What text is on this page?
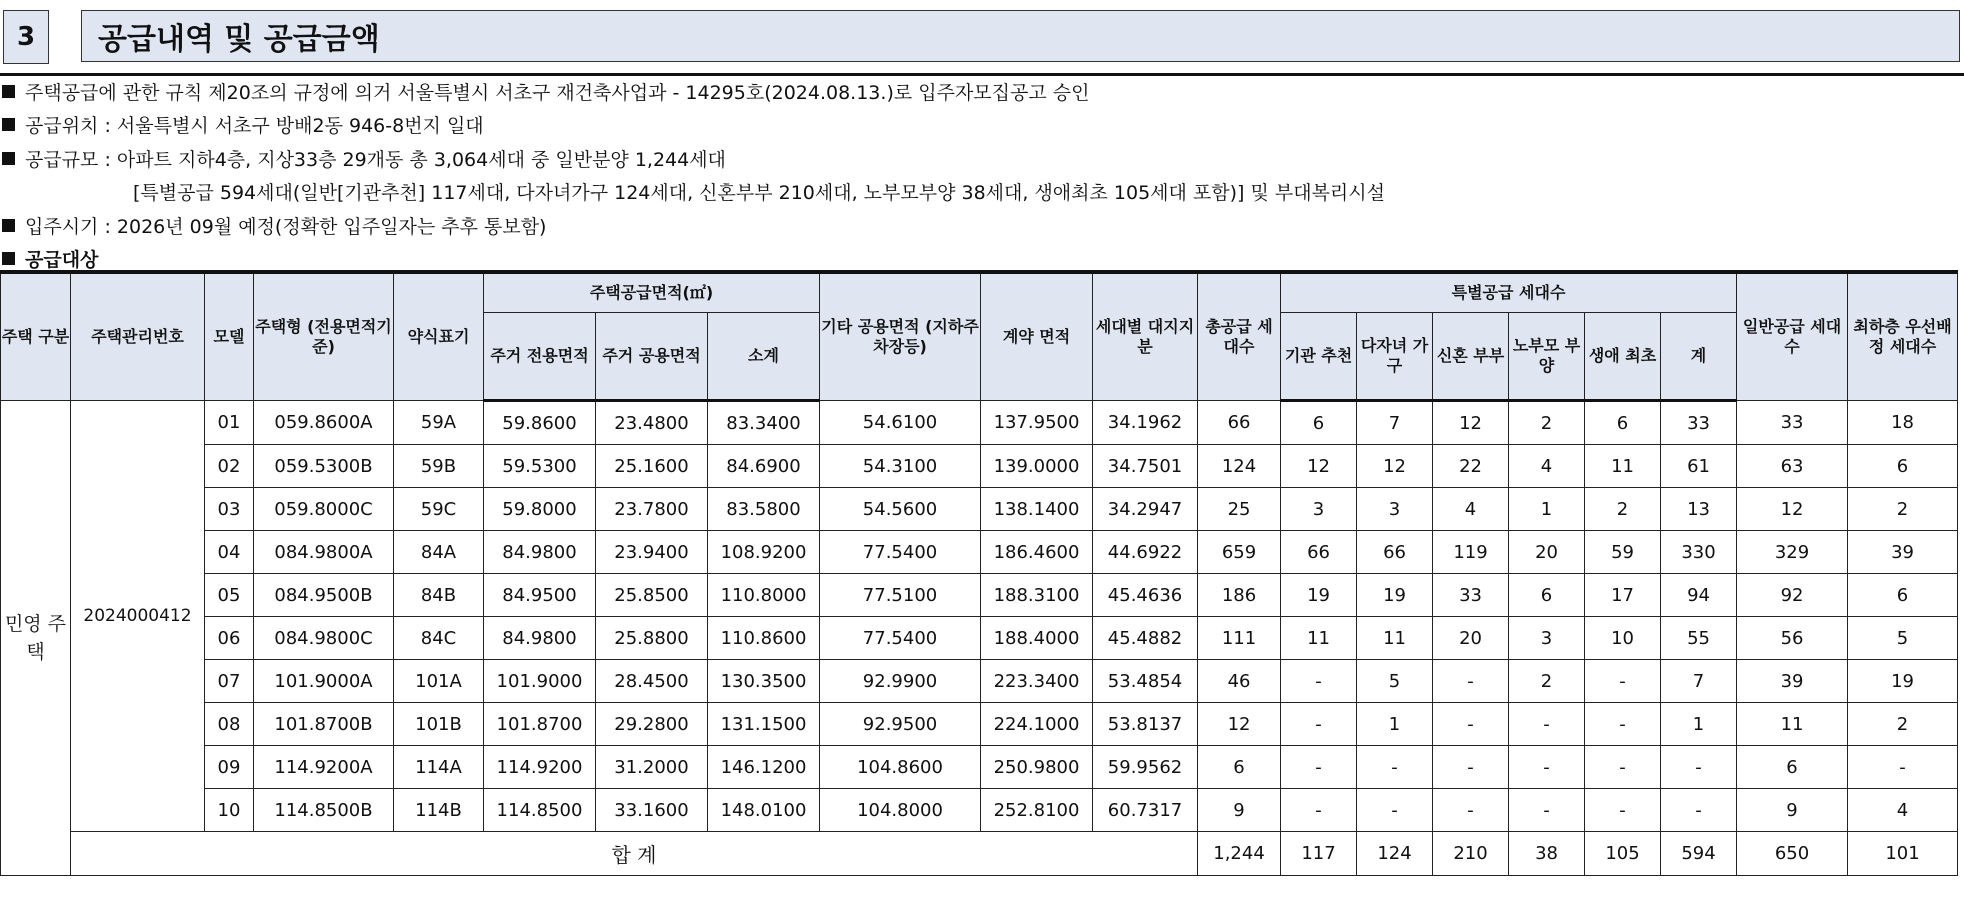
3	공급내역 및 공급금액
주택공급에 관한 규칙 제20조의 규정에 의거 서울특별시 서초구 재건축사업과 - 14295호(2024.08.13.)로 입주자모집공고 승인
공급위치 : 서울특별시 서초구 방배2동 946-8번지 일대
공급규모 : 아파트 지하4층, 지상33층 29개동 총 3,064세대 중 일반분양 1,244세대
[특별공급 594세대(일반[기관추천] 117세대, 다자녀가구 124세대, 신혼부부 210세대, 노부모부양 38세대, 생애최초 105세대 포함)] 및 부대복리시설
입주시기 : 2026년 09월 예정(정확한 입주일자는 추후 통보함)
공급대상
주택 구분	주택관리번호	모델	주택형 (전용면적기준)	약식표기	주택공급면적(㎡)			기타 공용면적 (지하주차장등)	계약 면적	세대별 대지지분	총공급 세대수	특별공급 세대수						일반공급 세대수	최하층 우선배정 세대수
					주거 전용면적	주거 공용면적	소계					기관 추천	다자녀 가구	신혼 부부	노부모 부양	생애 최초	계		
민영 주택	2024000412	01	059.8600A	59A	59.8600	23.4800	83.3400	54.6100	137.9500	34.1962	66	6	7	12	2	6	33	33	18
		02	059.5300B	59B	59.5300	25.1600	84.6900	54.3100	139.0000	34.7501	124	12	12	22	4	11	61	63	6
		03	059.8000C	59C	59.8000	23.7800	83.5800	54.5600	138.1400	34.2947	25	3	3	4	1	2	13	12	2
		04	084.9800A	84A	84.9800	23.9400	108.9200	77.5400	186.4600	44.6922	659	66	66	119	20	59	330	329	39
		05	084.9500B	84B	84.9500	25.8500	110.8000	77.5100	188.3100	45.4636	186	19	19	33	6	17	94	92	6
		06	084.9800C	84C	84.9800	25.8800	110.8600	77.5400	188.4000	45.4882	111	11	11	20	3	10	55	56	5
		07	101.9000A	101A	101.9000	28.4500	130.3500	92.9900	223.3400	53.4854	46	-	5	-	2	-	7	39	19
		08	101.8700B	101B	101.8700	29.2800	131.1500	92.9500	224.1000	53.8137	12	-	1	-	-	-	1	11	2
		09	114.9200A	114A	114.9200	31.2000	146.1200	104.8600	250.9800	59.9562	6	-	-	-	-	-	-	6	-
		10	114.8500B	114B	114.8500	33.1600	148.0100	104.8000	252.8100	60.7317	9	-	-	-	-	-	-	9	4
	합 계										1,244	117	124	210	38	105	594	650	101
